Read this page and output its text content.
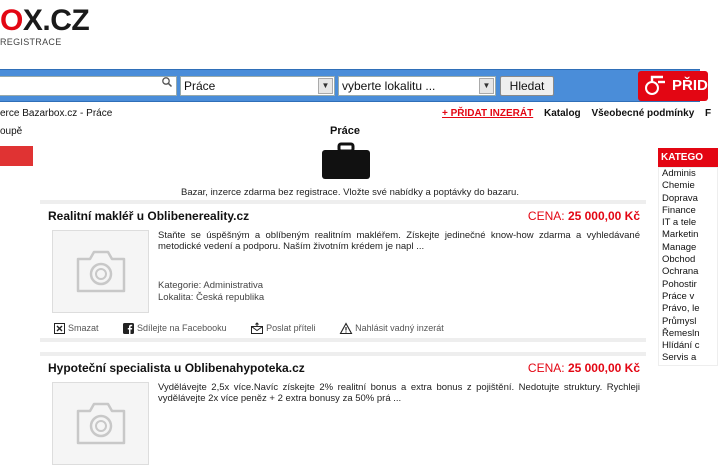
OX.CZ
REGISTRACE
Práce	▼	vyberte lokalitu ...	▼	Hledat	PŘID
erce Bazarbox.cz - Práce
oupě
+ PŘIDAT INZERÁT Katalog Všeobecné podmínky F
Práce
Bazar, inzerce zdarma bez registrace. Vložte své nabídky a poptávky do bazaru.
Realitní makléř u Oblibenereality.cz	CENA: 25 000,00 Kč
Staňte se úspěšným a oblíbeným realitním makléřem. Získejte jedinečné know-how zdarma a vyhledávané metodické vedení a podporu. Naším životním krédem je napl ...
Kategorie: Administrativa
Lokalita: Česká republika
Smazat	Sdílejte na Facebooku	Poslat příteli	Nahlásit vadný inzerát
Hypoteční specialista u Oblibenahypoteka.cz	CENA: 25 000,00 Kč
Vydělávejte 2,5x více.Navíc získejte 2% realitní bonus a extra bonus z pojištění. Nedotujte struktury. Rychleji vydělávejte 2x více peněz + 2 extra bonusy za 50% prá ...
KATEGO
Adminis
Chemie
Doprava
Finance
IT a tele
Marketin
Manage
Obchod
Ochrana
Pohostir
Práce v
Právo, le
Průmysl
Řemesln
Hlídání c
Servis a
